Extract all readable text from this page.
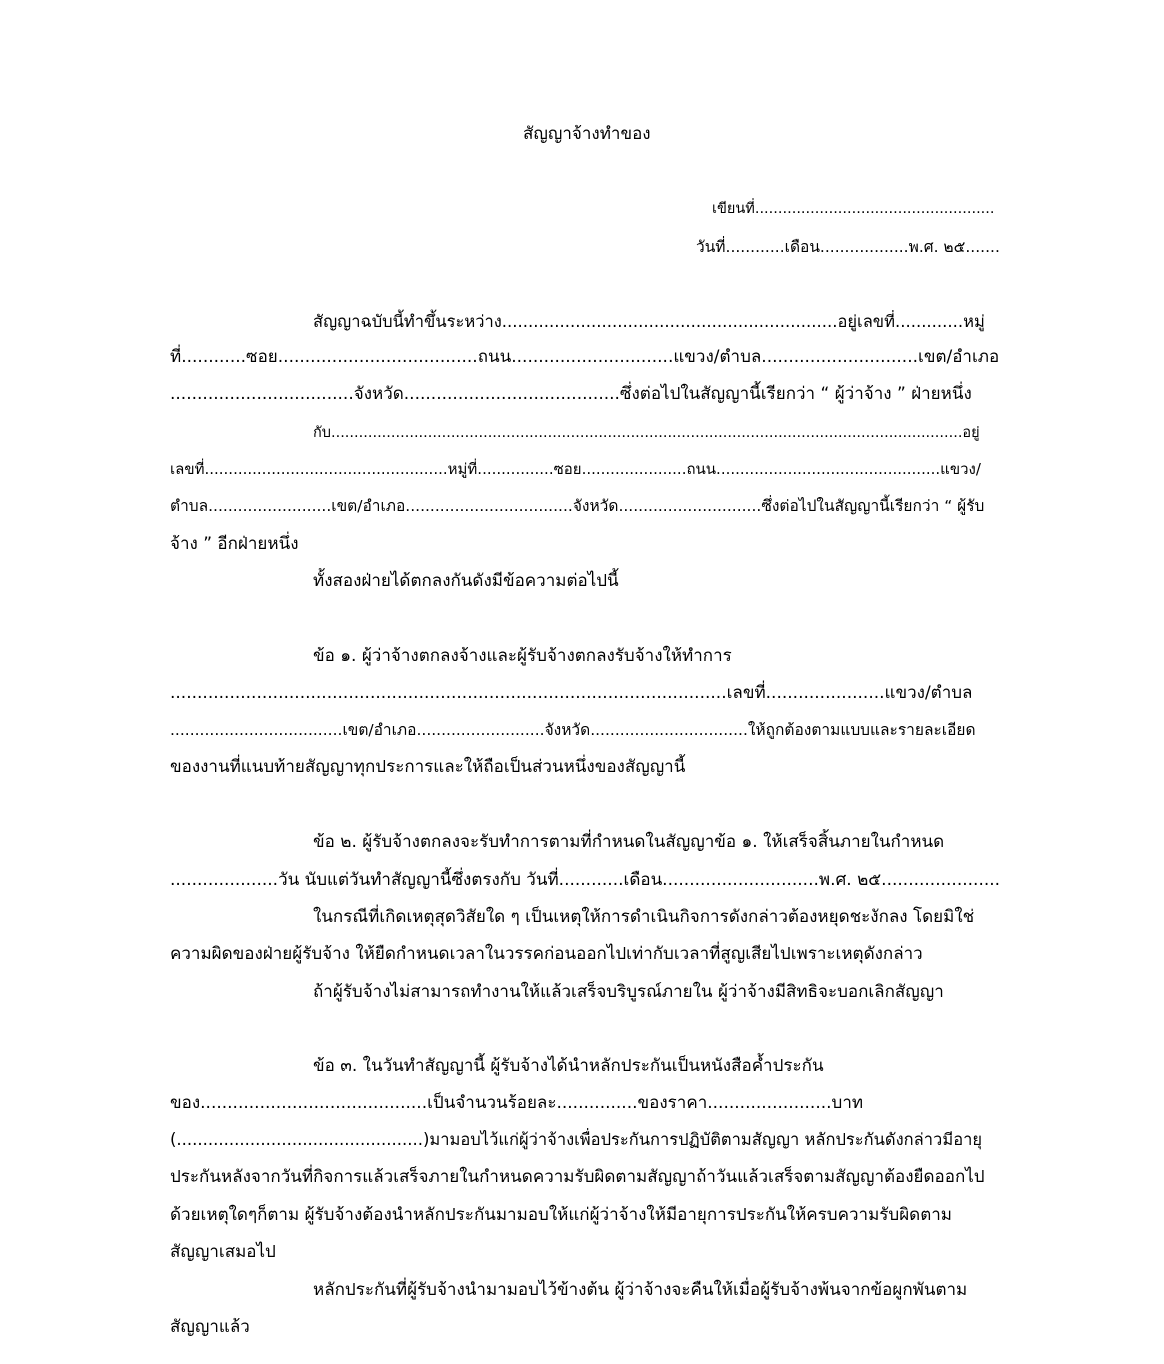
สัญญาจ้างทำของ
เขียนที่....................................................
วันที่............เดือน..................พ.ศ. ๒๕.......
สัญญาฉบับนี้ทำขึ้นระหว่าง................................................................อยู่เลขที่.............หมู่
ที่............ซอย.....................................ถนน..............................แขวง/ตำบล.............................เขต/อำเภอ
..................................จังหวัด........................................ซึ่งต่อไปในสัญญานี้เรียกว่า “ ผู้ว่าจ้าง ” ฝ่ายหนึ่ง
กับ.........................................................................................................................................อยู่
เลขที่...................................................หมู่ที่................ซอย......................ถนน...............................................แขวง/
ตำบล.........................เขต/อำเภอ..................................จังหวัด.............................ซึ่งต่อไปในสัญญานี้เรียกว่า “ ผู้รับ
จ้าง ” อีกฝ่ายหนึ่ง
ทั้งสองฝ่ายได้ตกลงกันดังมีข้อความต่อไปนี้
ข้อ ๑. ผู้ว่าจ้างตกลงจ้างและผู้รับจ้างตกลงรับจ้างให้ทำการ
.......................................................................................................เลขที่......................แขวง/ตำบล
...................................เขต/อำเภอ..........................จังหวัด................................ให้ถูกต้องตามแบบและรายละเอียด
ของงานที่แนบท้ายสัญญาทุกประการและให้ถือเป็นส่วนหนึ่งของสัญญานี้
ข้อ ๒. ผู้รับจ้างตกลงจะรับทำการตามที่กำหนดในสัญญาข้อ ๑. ให้เสร็จสิ้นภายในกำหนด
....................วัน นับแต่วันทำสัญญานี้ซึ่งตรงกับ วันที่............เดือน.............................พ.ศ. ๒๕......................
ในกรณีที่เกิดเหตุสุดวิสัยใด ๆ เป็นเหตุให้การดำเนินกิจการดังกล่าวต้องหยุดชะงักลง โดยมิใช่
ความผิดของฝ่ายผู้รับจ้าง ให้ยืดกำหนดเวลาในวรรคก่อนออกไปเท่ากับเวลาที่สูญเสียไปเพราะเหตุดังกล่าว
ถ้าผู้รับจ้างไม่สามารถทำงานให้แล้วเสร็จบริบูรณ์ภายใน ผู้ว่าจ้างมีสิทธิจะบอกเลิกสัญญา
ข้อ ๓. ในวันทำสัญญานี้ ผู้รับจ้างได้นำหลักประกันเป็นหนังสือค้ำประกัน
ของ..........................................เป็นจำนวนร้อยละ...............ของราคา.......................บาท
(...............................................)มามอบไว้แก่ผู้ว่าจ้างเพื่อประกันการปฏิบัติตามสัญญา หลักประกันดังกล่าวมีอายุ
ประกันหลังจากวันที่กิจการแล้วเสร็จภายในกำหนดความรับผิดตามสัญญาถ้าวันแล้วเสร็จตามสัญญาต้องยืดออกไป
ด้วยเหตุใดๆก็ตาม ผู้รับจ้างต้องนำหลักประกันมามอบให้แก่ผู้ว่าจ้างให้มีอายุการประกันให้ครบความรับผิดตาม
สัญญาเสมอไป
หลักประกันที่ผู้รับจ้างนำมามอบไว้ข้างต้น ผู้ว่าจ้างจะคืนให้เมื่อผู้รับจ้างพ้นจากข้อผูกพันตาม
สัญญาแล้ว
